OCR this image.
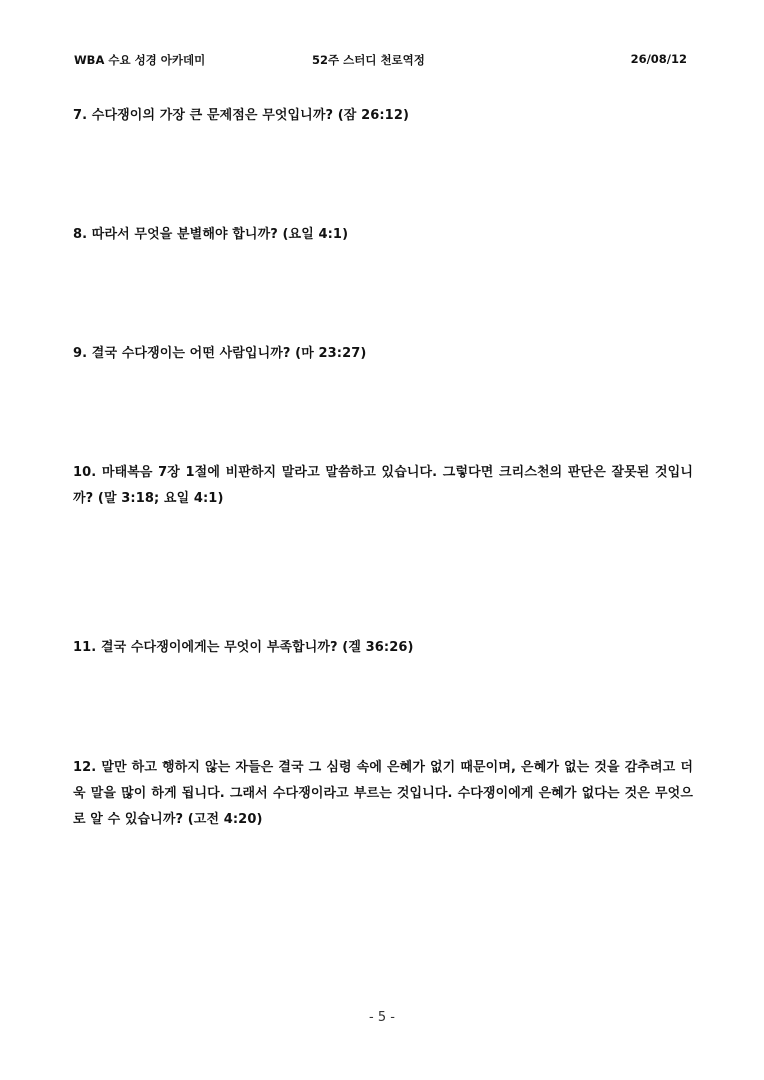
WBA 수요 성경 아카데미	52주 스터디 천로역정	26/08/12
7. 수다쟁이의 가장 큰 문제점은 무엇입니까? (잠 26:12)
8. 따라서 무엇을 분별해야 합니까? (요일 4:1)
9. 결국 수다쟁이는 어떤 사람입니까? (마 23:27)
10. 마태복음 7장 1절에 비판하지 말라고 말씀하고 있습니다. 그렇다면 크리스천의 판단은 잘못된 것입니까? (말 3:18; 요일 4:1)
11. 결국 수다쟁이에게는 무엇이 부족합니까? (겔 36:26)
12. 말만 하고 행하지 않는 자들은 결국 그 심령 속에 은혜가 없기 때문이며, 은혜가 없는 것을 감추려고 더욱 말을 많이 하게 됩니다. 그래서 수다쟁이라고 부르는 것입니다. 수다쟁이에게 은혜가 없다는 것은 무엇으로 알 수 있습니까? (고전 4:20)
- 5 -
